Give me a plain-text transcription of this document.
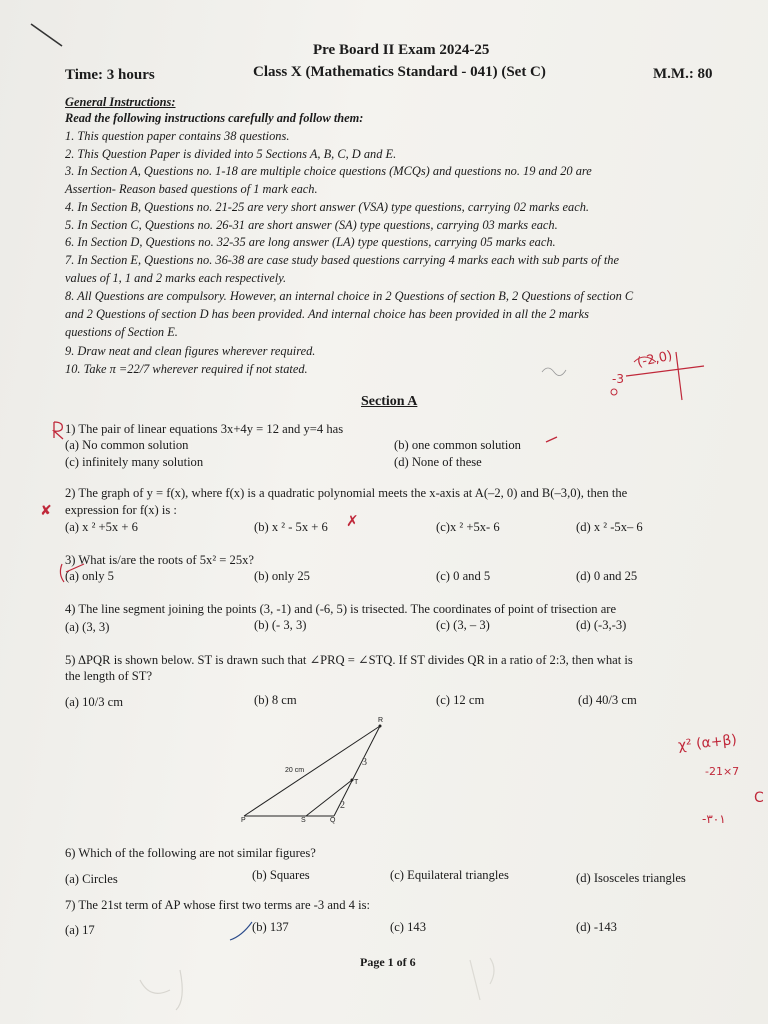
Pre Board II Exam 2024-25
Time: 3 hours	Class X (Mathematics Standard - 041) (Set C)	M.M.: 80
General Instructions:
Read the following instructions carefully and follow them:
1. This question paper contains 38 questions.
2. This Question Paper is divided into 5 Sections A, B, C, D and E.
3. In Section A, Questions no. 1-18 are multiple choice questions (MCQs) and questions no. 19 and 20 are
Assertion- Reason based questions of 1 mark each.
4. In Section B, Questions no. 21-25 are very short answer (VSA) type questions, carrying 02 marks each.
5. In Section C, Questions no. 26-31 are short answer (SA) type questions, carrying 03 marks each.
6. In Section D, Questions no. 32-35 are long answer (LA) type questions, carrying 05 marks each.
7. In Section E, Questions no. 36-38 are case study based questions carrying 4 marks each with sub parts of the
values of 1, 1 and 2 marks each respectively.
8. All Questions are compulsory. However, an internal choice in 2 Questions of section B, 2 Questions of section C
and 2 Questions of section D has been provided. And internal choice has been provided in all the 2 marks
questions of Section E.
9. Draw neat and clean figures wherever required.
10. Take π =22/7 wherever required if not stated.	(-2,0)
-3
Section A
1) The pair of linear equations 3x+4y = 12 and y=4 has
(a) No common solution	(b) one common solution
(c) infinitely many solution	(d) None of these
✘
2) The graph of y = f(x), where f(x) is a quadratic polynomial meets the x-axis at A(–2, 0) and B(–3,0), then the
expression for f(x) is :
(a) x ² +5x + 6	(b) x ² - 5x + 6 ✗	(c)x ² +5x- 6	(d) x ² -5x– 6
3) What is/are the roots of 5x² = 25x?
(a) only 5	(b) only 25	(c) 0 and 5	(d) 0 and 25
4) The line segment joining the points (3, -1) and (-6, 5) is trisected. The coordinates of point of trisection are
(a) (3, 3)	(b) (- 3, 3)	(c) (3, – 3)	(d) (-3,-3)
5) ΔPQR is shown below. ST is drawn such that ∠PRQ = ∠STQ. If ST divides QR in a ratio of 2:3, then what is
the length of ST?
(a) 10/3 cm	(b) 8 cm	(c) 12 cm	(d) 40/3 cm
R
T
P	S	Q
20 cm
3
2
χ² (α+β)
-21×7
C
-٣٠١
6) Which of the following are not similar figures?
(a) Circles	(b) Squares	(c) Equilateral triangles	(d) Isosceles triangles
7) The 21st term of AP whose first two terms are -3 and 4 is:
(a) 17	(b) 137	(c) 143	(d) -143
Page 1 of 6
